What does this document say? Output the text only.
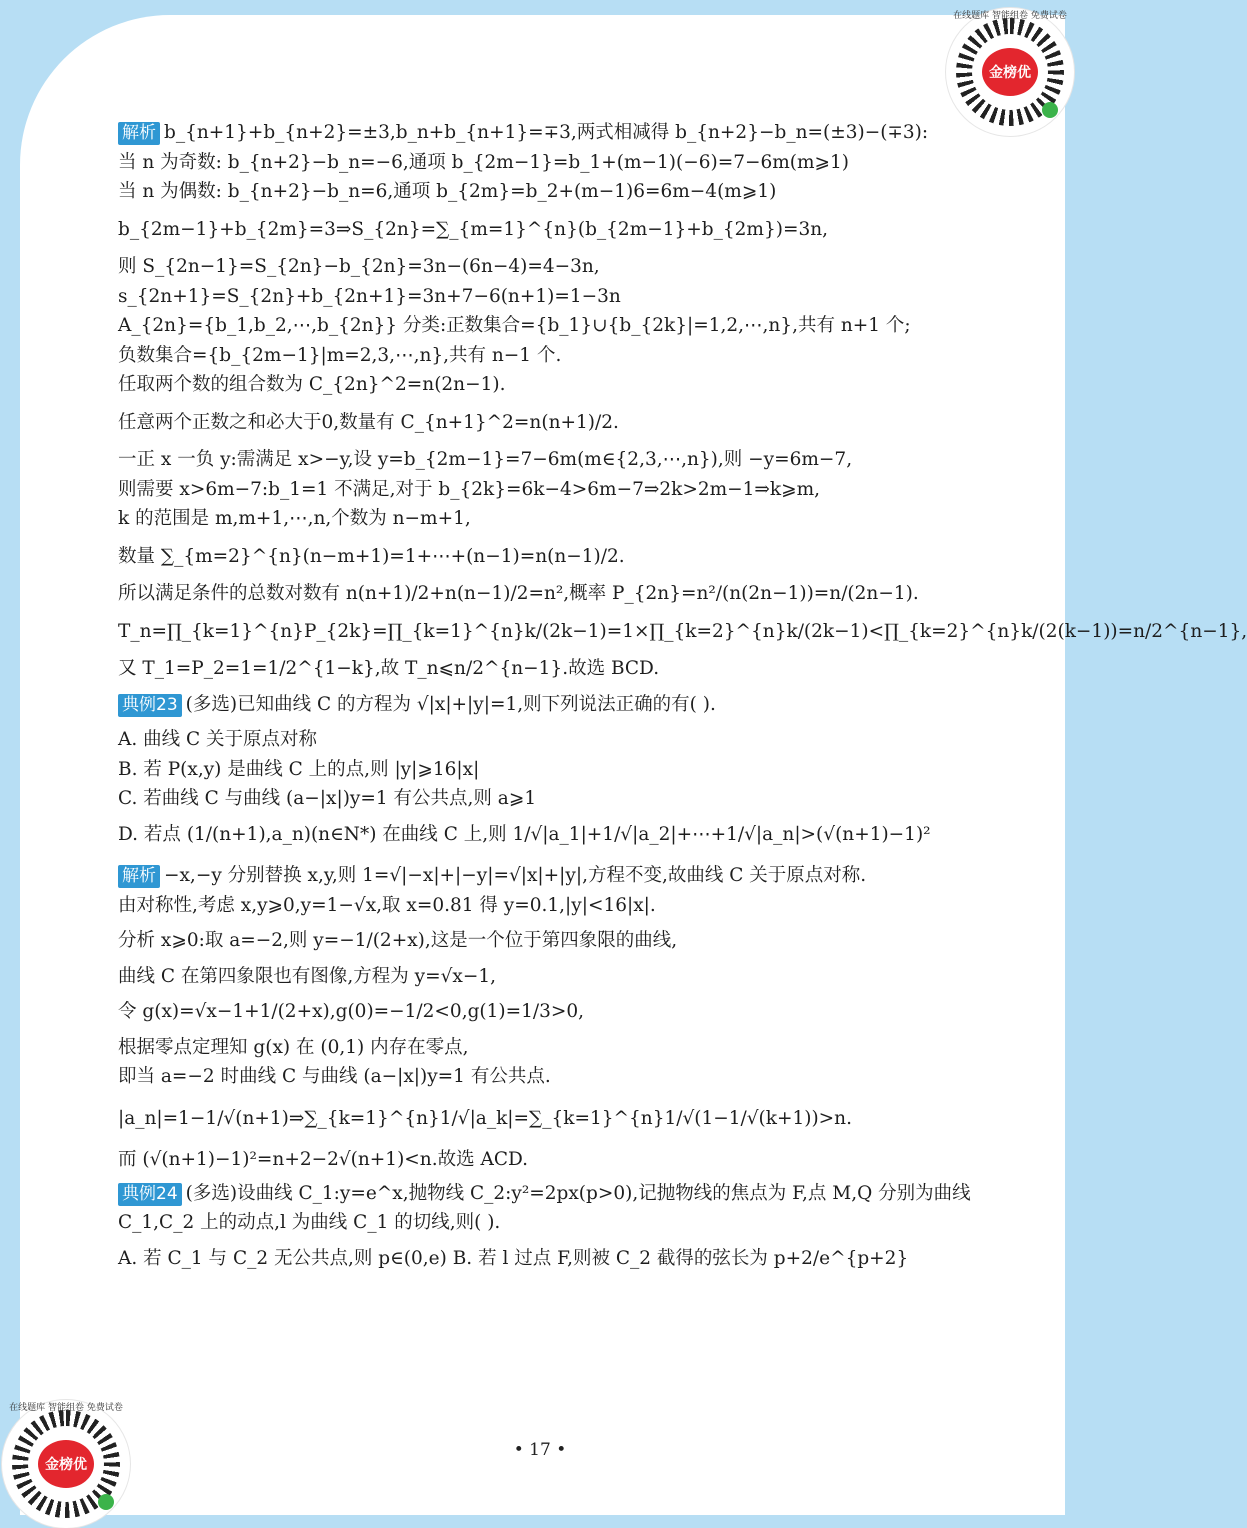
在线题库 智能组卷 免费试卷
金榜优
在线题库 智能组卷 免费试卷
金榜优
解析 b_{n+1}+b_{n+2}=±3,b_n+b_{n+1}=∓3,两式相减得 b_{n+2}−b_n=(±3)−(∓3):
当 n 为奇数: b_{n+2}−b_n=−6,通项 b_{2m−1}=b_1+(m−1)(−6)=7−6m(m⩾1)
当 n 为偶数: b_{n+2}−b_n=6,通项 b_{2m}=b_2+(m−1)6=6m−4(m⩾1)
b_{2m−1}+b_{2m}=3⇒S_{2n}=∑_{m=1}^{n}(b_{2m−1}+b_{2m})=3n,
则 S_{2n−1}=S_{2n}−b_{2n}=3n−(6n−4)=4−3n,
s_{2n+1}=S_{2n}+b_{2n+1}=3n+7−6(n+1)=1−3n
A_{2n}={b_1,b_2,⋯,b_{2n}} 分类:正数集合={b_1}∪{b_{2k}|=1,2,⋯,n},共有 n+1 个;
负数集合={b_{2m−1}|m=2,3,⋯,n},共有 n−1 个.
任取两个数的组合数为 C_{2n}^2=n(2n−1).
任意两个正数之和必大于0,数量有 C_{n+1}^2=n(n+1)/2.
一正 x 一负 y:需满足 x>−y,设 y=b_{2m−1}=7−6m(m∈{2,3,⋯,n}),则 −y=6m−7,
则需要 x>6m−7:b_1=1 不满足,对于 b_{2k}=6k−4>6m−7⇒2k>2m−1⇒k⩾m,
k 的范围是 m,m+1,⋯,n,个数为 n−m+1,
数量 ∑_{m=2}^{n}(n−m+1)=1+⋯+(n−1)=n(n−1)/2.
所以满足条件的总数对数有 n(n+1)/2+n(n−1)/2=n²,概率 P_{2n}=n²/(n(2n−1))=n/(2n−1).
T_n=∏_{k=1}^{n}P_{2k}=∏_{k=1}^{n}k/(2k−1)=1×∏_{k=2}^{n}k/(2k−1)<∏_{k=2}^{n}k/(2(k−1))=n/2^{n−1},
又 T_1=P_2=1=1/2^{1−k},故 T_n⩽n/2^{n−1}.故选 BCD.
典例23 (多选)已知曲线 C 的方程为 √|x|+|y|=1,则下列说法正确的有( ).
A. 曲线 C 关于原点对称
B. 若 P(x,y) 是曲线 C 上的点,则 |y|⩾16|x|
C. 若曲线 C 与曲线 (a−|x|)y=1 有公共点,则 a⩾1
D. 若点 (1/(n+1),a_n)(n∈N*) 在曲线 C 上,则 1/√|a_1|+1/√|a_2|+⋯+1/√|a_n|>(√(n+1)−1)²
解析 −x,−y 分别替换 x,y,则 1=√|−x|+|−y|=√|x|+|y|,方程不变,故曲线 C 关于原点对称.
由对称性,考虑 x,y⩾0,y=1−√x,取 x=0.81 得 y=0.1,|y|<16|x|.
分析 x⩾0:取 a=−2,则 y=−1/(2+x),这是一个位于第四象限的曲线,
曲线 C 在第四象限也有图像,方程为 y=√x−1,
令 g(x)=√x−1+1/(2+x),g(0)=−1/2<0,g(1)=1/3>0,
根据零点定理知 g(x) 在 (0,1) 内存在零点,
即当 a=−2 时曲线 C 与曲线 (a−|x|)y=1 有公共点.
|a_n|=1−1/√(n+1)⇒∑_{k=1}^{n}1/√|a_k|=∑_{k=1}^{n}1/√(1−1/√(k+1))>n.
而 (√(n+1)−1)²=n+2−2√(n+1)<n.故选 ACD.
典例24 (多选)设曲线 C_1:y=e^x,抛物线 C_2:y²=2px(p>0),记抛物线的焦点为 F,点 M,Q 分别为曲线
C_1,C_2 上的动点,l 为曲线 C_1 的切线,则( ).
A. 若 C_1 与 C_2 无公共点,则 p∈(0,e) B. 若 l 过点 F,则被 C_2 截得的弦长为 p+2/e^{p+2}
• 17 •
